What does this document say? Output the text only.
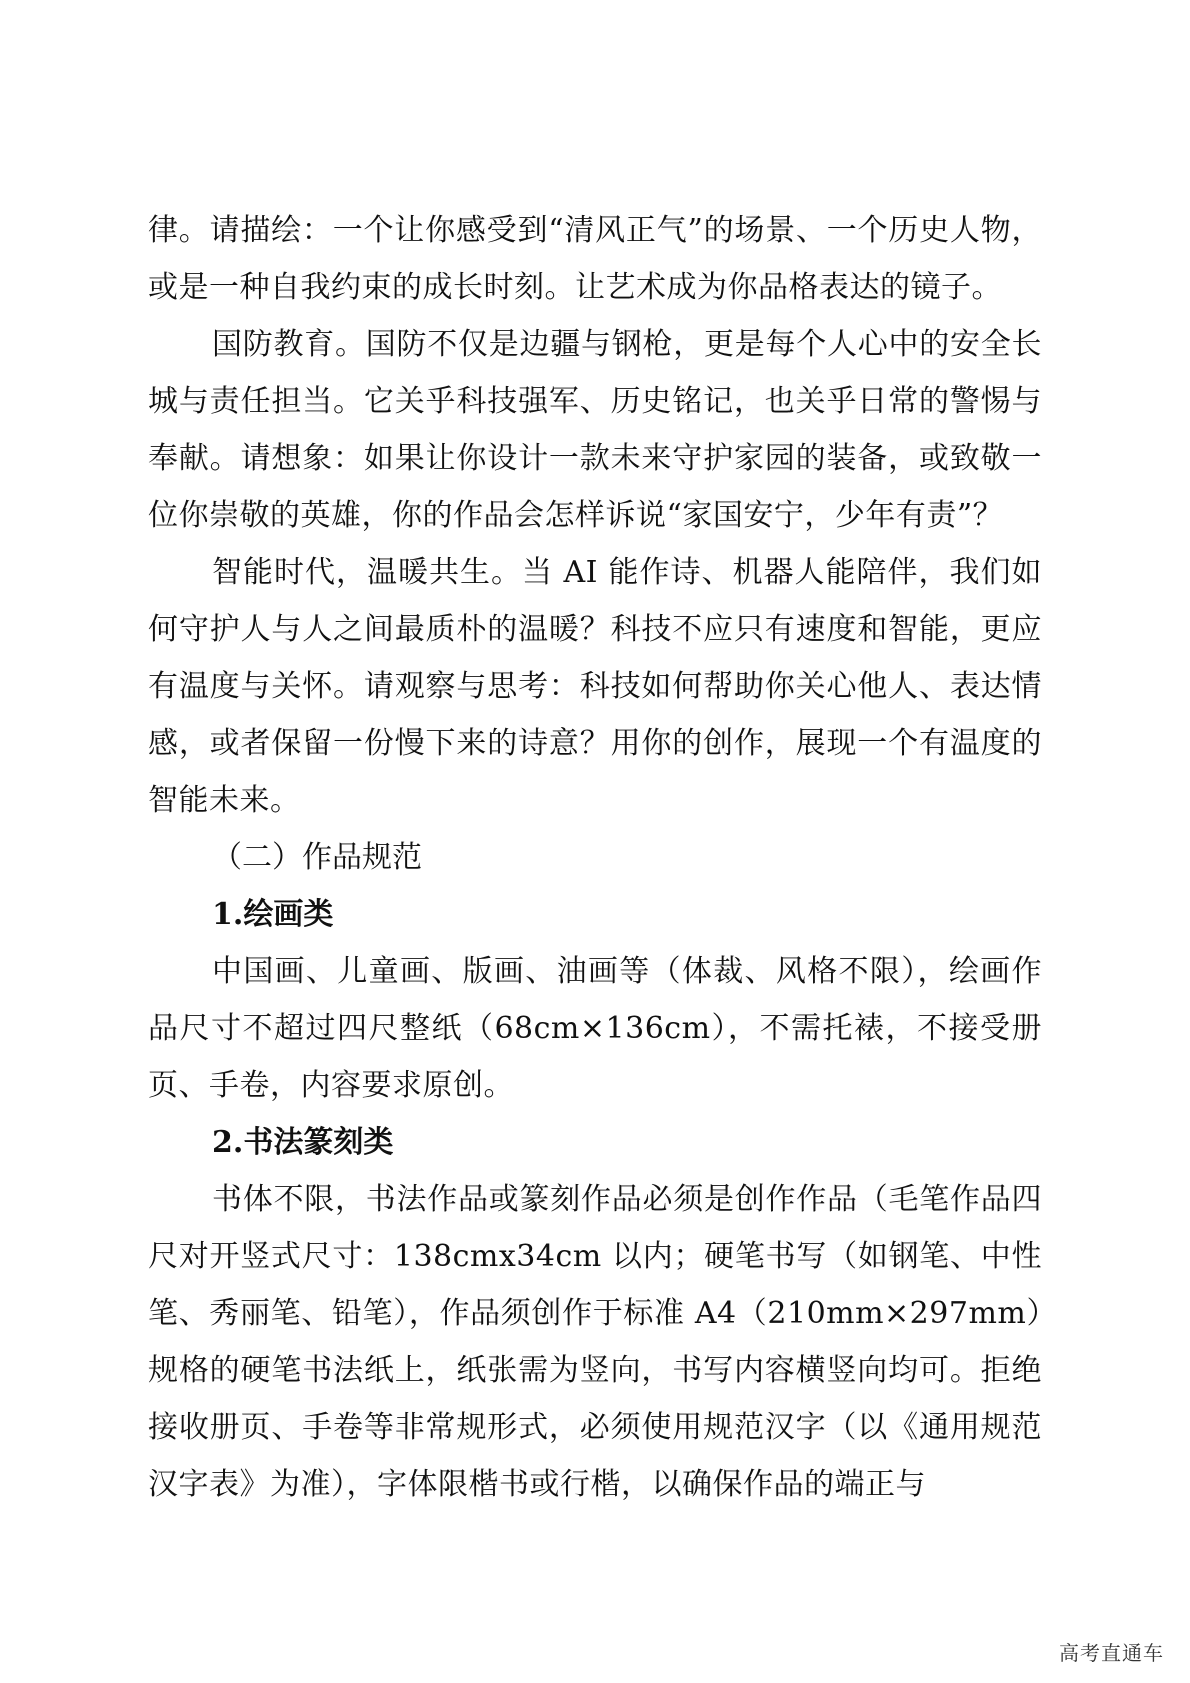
律。请描绘：一个让你感受到“清风正气”的场景、一个历史人物，或是一种自我约束的成长时刻。让艺术成为你品格表达的镜子。

国防教育。国防不仅是边疆与钢枪，更是每个人心中的安全长城与责任担当。它关乎科技强军、历史铭记，也关乎日常的警惕与奉献。请想象：如果让你设计一款未来守护家园的装备，或致敬一位你崇敬的英雄，你的作品会怎样诉说“家国安宁，少年有责”？

智能时代，温暖共生。当 AI 能作诗、机器人能陪伴，我们如何守护人与人之间最质朴的温暖？科技不应只有速度和智能，更应有温度与关怀。请观察与思考：科技如何帮助你关心他人、表达情感，或者保留一份慢下来的诗意？用你的创作，展现一个有温度的智能未来。

（二）作品规范

1.绘画类

中国画、儿童画、版画、油画等（体裁、风格不限），绘画作品尺寸不超过四尺整纸（68cm×136cm），不需托裱，不接受册页、手卷，内容要求原创。

2.书法篆刻类

书体不限，书法作品或篆刻作品必须是创作作品（毛笔作品四尺对开竖式尺寸：138cmx34cm 以内；硬笔书写（如钢笔、中性笔、秀丽笔、铅笔），作品须创作于标准 A4（210mm×297mm）规格的硬笔书法纸上，纸张需为竖向，书写内容横竖向均可。拒绝接收册页、手卷等非常规形式，必须使用规范汉字（以《通用规范汉字表》为准），字体限楷书或行楷，以确保作品的端正与

高考直通车
